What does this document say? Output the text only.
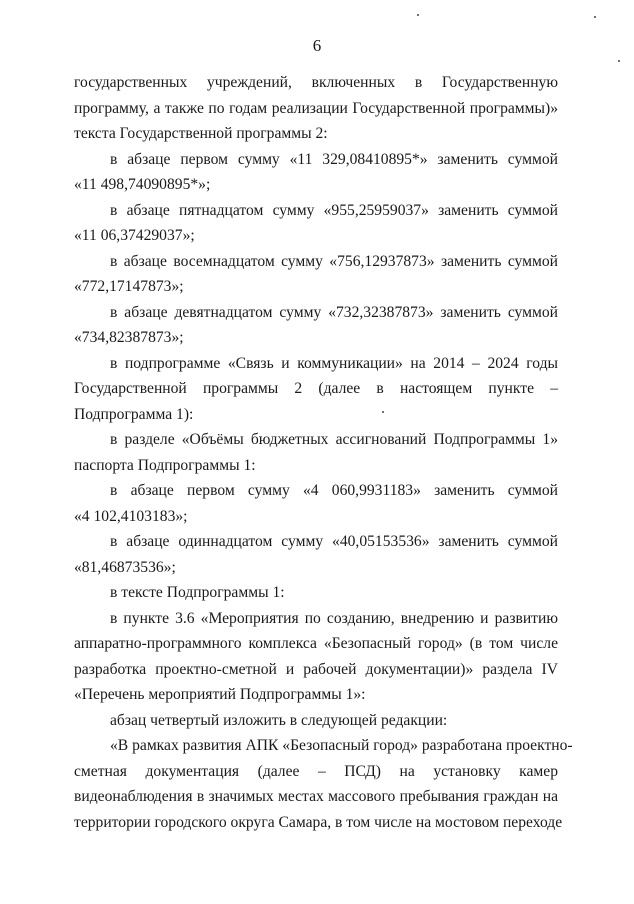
6
государственных учреждений, включенных в Государственную
программу, а также по годам реализации Государственной программы)»
текста Государственной программы 2:
в абзаце первом сумму «11 329,08410895*» заменить суммой
«11 498,74090895*»;
в абзаце пятнадцатом сумму «955,25959037» заменить суммой
«11 06,37429037»;
в абзаце восемнадцатом сумму «756,12937873» заменить суммой
«772,17147873»;
в абзаце девятнадцатом сумму «732,32387873» заменить суммой
«734,82387873»;
в подпрограмме «Связь и коммуникации» на 2014 – 2024 годы
Государственной программы 2 (далее в настоящем пункте –
Подпрограмма 1):
в разделе «Объёмы бюджетных ассигнований Подпрограммы 1»
паспорта Подпрограммы 1:
в абзаце первом сумму «4 060,9931183» заменить суммой
«4 102,4103183»;
в абзаце одиннадцатом сумму «40,05153536» заменить суммой
«81,46873536»;
в тексте Подпрограммы 1:
в пункте 3.6 «Мероприятия по созданию, внедрению и развитию
аппаратно-программного комплекса «Безопасный город» (в том числе
разработка проектно-сметной и рабочей документации)» раздела IV
«Перечень мероприятий Подпрограммы 1»:
абзац четвертый изложить в следующей редакции:
«В рамках развития АПК «Безопасный город» разработана проектно-
сметная документация (далее – ПСД) на установку камер
видеонаблюдения в значимых местах массового пребывания граждан на
территории городского округа Самара, в том числе на мостовом переходе
